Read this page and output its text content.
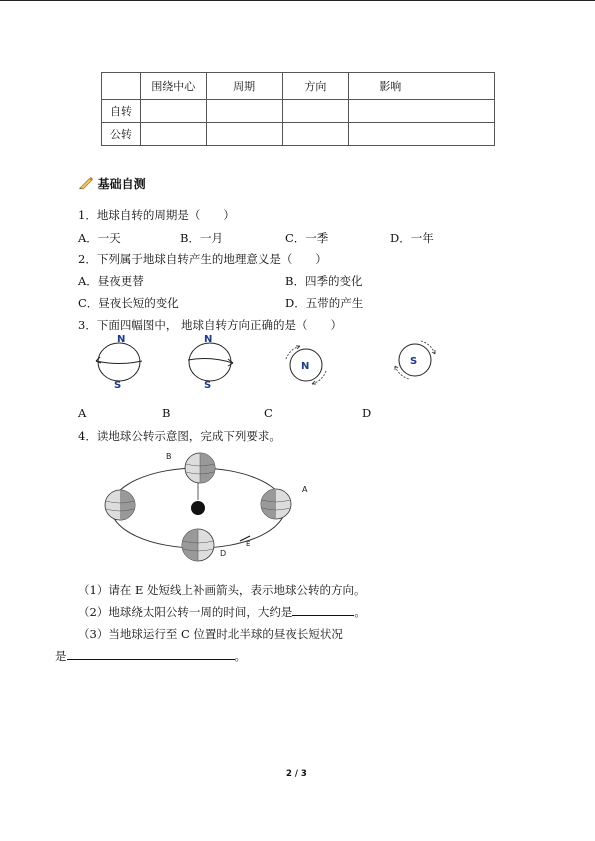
	围绕中心	周期	方向	影响
自转				
公转				
基础自测
1．地球自转的周期是（　　）
A．一天	B．一月	C．一季	D．一年
2．下列属于地球自转产生的地理意义是（　　）
A．昼夜更替	B．四季的变化
C．昼夜长短的变化	D．五带的产生
3．下面四幅图中， 地球自转方向正确的是（　　）
N
S
N
S
N	S
A	B	C	D
4．读地球公转示意图，完成下列要求。
B
A
D
E
（1）请在 E 处短线上补画箭头，表示地球公转的方向。
（2）地球绕太阳公转一周的时间，大约是	。
（3）当地球运行至 C 位置时北半球的昼夜长短状况
是	。
2 / 3
